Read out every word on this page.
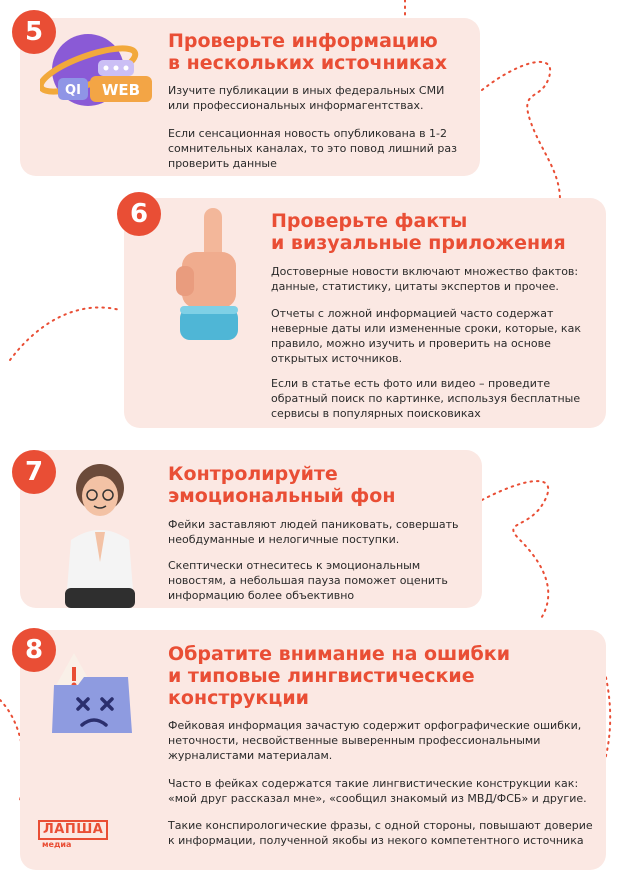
5
WEB
QI
Проверьте информацию
в нескольких источниках
Изучите публикации в иных федеральных СМИ или профессиональных информагентствах.
Если сенсационная новость опубликована в 1-2 сомнительных каналах, то это повод лишний раз проверить данные
6	Проверьте факты
и визуальные приложения
Достоверные новости включают множество фактов: данные, статистику, цитаты экспертов и прочее.
Отчеты с ложной информацией часто содержат неверные даты или измененные сроки, которые, как правило, можно изучить и проверить на основе открытых источников.
Если в статье есть фото или видео – проведите обратный поиск по картинке, используя бесплатные сервисы в популярных поисковиках
7	Контролируйте
эмоциональный фон
Фейки заставляют людей паниковать, совершать необдуманные и нелогичные поступки.
Скептически отнеситесь к эмоциональным новостям, а небольшая пауза поможет оценить информацию более объективно
8	Обратите внимание на ошибки
и типовые лингвистические
конструкции
Фейковая информация зачастую содержит орфографические ошибки, неточности, несвойственные выверенным профессиональными журналистами материалам.
Часто в фейках содержатся такие лингвистические конструкции как: «мой друг рассказал мне», «сообщил знакомый из МВД/ФСБ» и другие.
Такие конспирологические фразы, с одной стороны, повышают доверие к информации, полученной якобы из некого компетентного источника
ЛАПША
медиа
